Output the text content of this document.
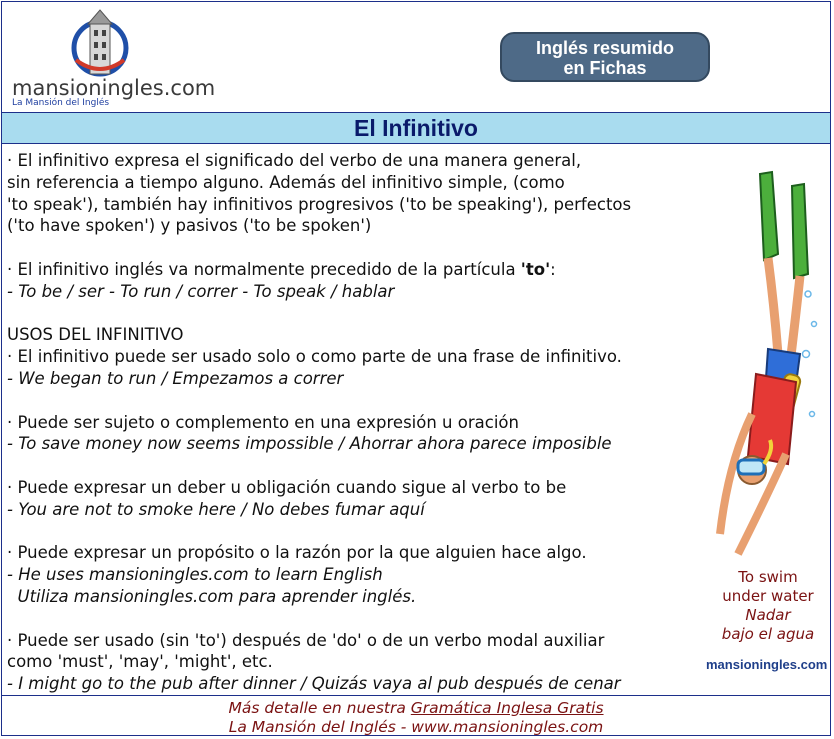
mansioningles.com
La Mansión del Inglés
Inglés resumido
en Fichas
El Infinitivo

· El infinitivo expresa el significado del verbo de una manera general,

sin referencia a tiempo alguno. Además del infinitivo simple, (como

'to speak'), también hay infinitivos progresivos ('to be speaking'), perfectos

('to have spoken') y pasivos ('to be spoken')

· El infinitivo inglés va normalmente precedido de la partícula 'to':

- To be / ser - To run / correr - To speak / hablar

USOS DEL INFINITIVO

· El infinitivo puede ser usado solo o como parte de una frase de infinitivo.

- We began to run / Empezamos a correr

· Puede ser sujeto o complemento en una expresión u oración

- To save money now seems impossible / Ahorrar ahora parece imposible

· Puede expresar un deber u obligación cuando sigue al verbo to be

- You are not to smoke here / No debes fumar aquí

· Puede expresar un propósito o la razón por la que alguien hace algo.

- He uses mansioningles.com to learn English

Utiliza mansioningles.com para aprender inglés.

· Puede ser usado (sin 'to') después de 'do' o de un verbo modal auxiliar

como 'must', 'may', 'might', etc.

- I might go to the pub after dinner / Quizás vaya al pub después de cenar

To swim
under water
Nadar
bajo el agua
mansioningles.com
Más detalle en nuestra Gramática Inglesa Gratis
La Mansión del Inglés - www.mansioningles.com
